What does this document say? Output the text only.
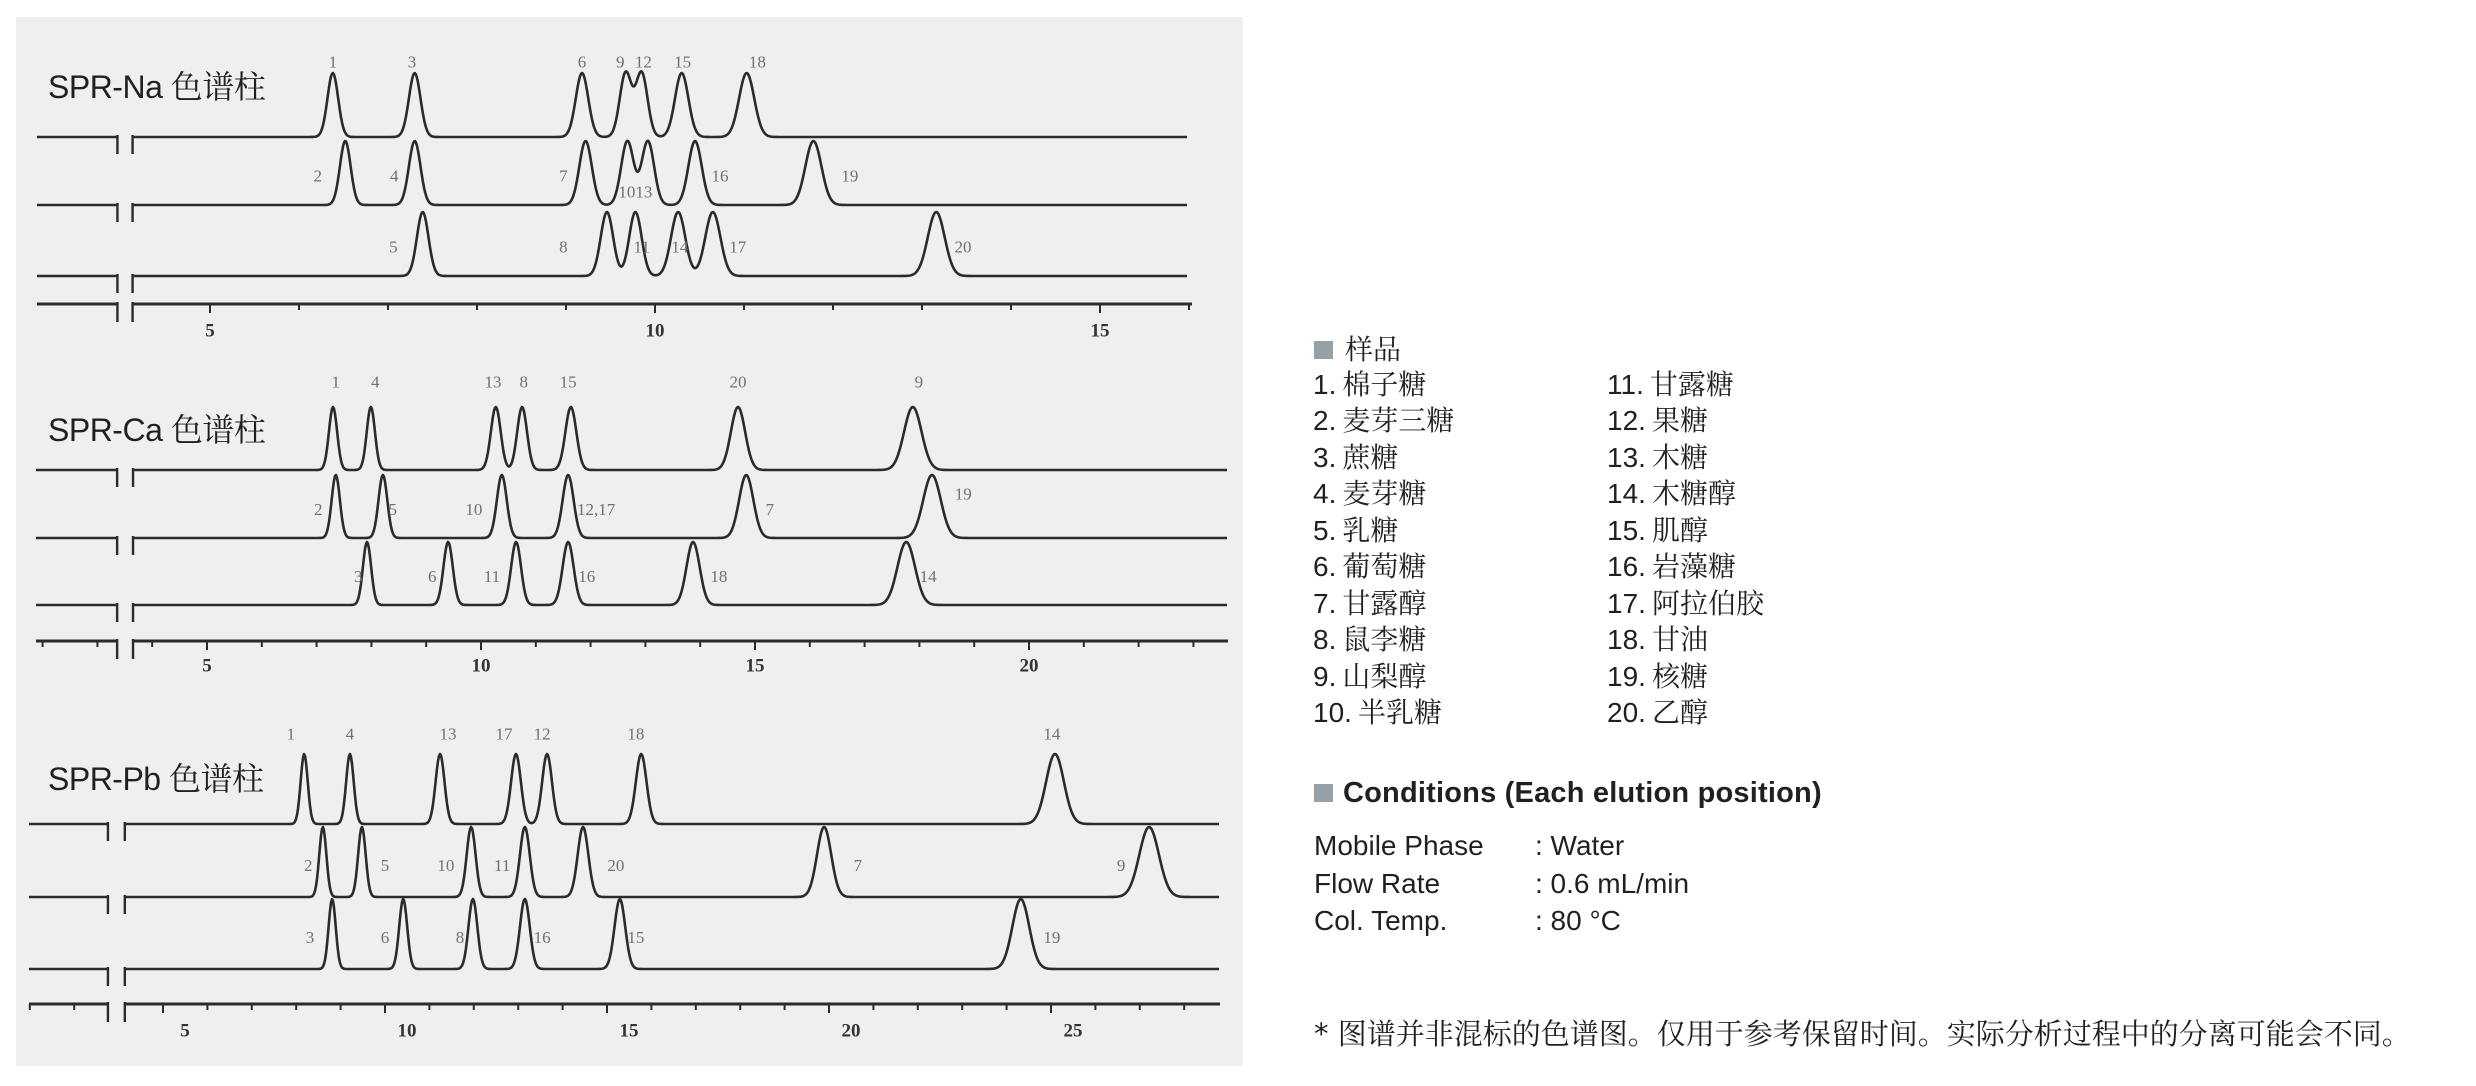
1	3	6 9 12 15	18
2	4	7
1013
16	19
5	8	11 14 17	20
5	10	15
1 4	13 8 15	20	9
2	5	10	12,17	7
19
3	6	11	16	18	14
5	10	15	20
1	4	13 17 12	18	14
2	5	10 11	20	7	9
3	6	8	16	15	19
5	10	15	20	25
SPR-Na 色谱柱
SPR-Ca 色谱柱
SPR-Pb 色谱柱
样品
1. 棉子糖
2. 麦芽三糖
3. 蔗糖
4. 麦芽糖
5. 乳糖
6. 葡萄糖
7. 甘露醇
8. 鼠李糖
9. 山梨醇
10. 半乳糖
11. 甘露糖
12. 果糖
13. 木糖
14. 木糖醇
15. 肌醇
16. 岩藻糖
17. 阿拉伯胶
18. 甘油
19. 核糖
20. 乙醇
Conditions (Each elution position)
Mobile Phase : Water
Flow Rate	: 0.6 mL/min
Col. Temp.	: 80 °C
* 图谱并非混标的色谱图。仅用于参考保留时间。实际分析过程中的分离可能会不同。
